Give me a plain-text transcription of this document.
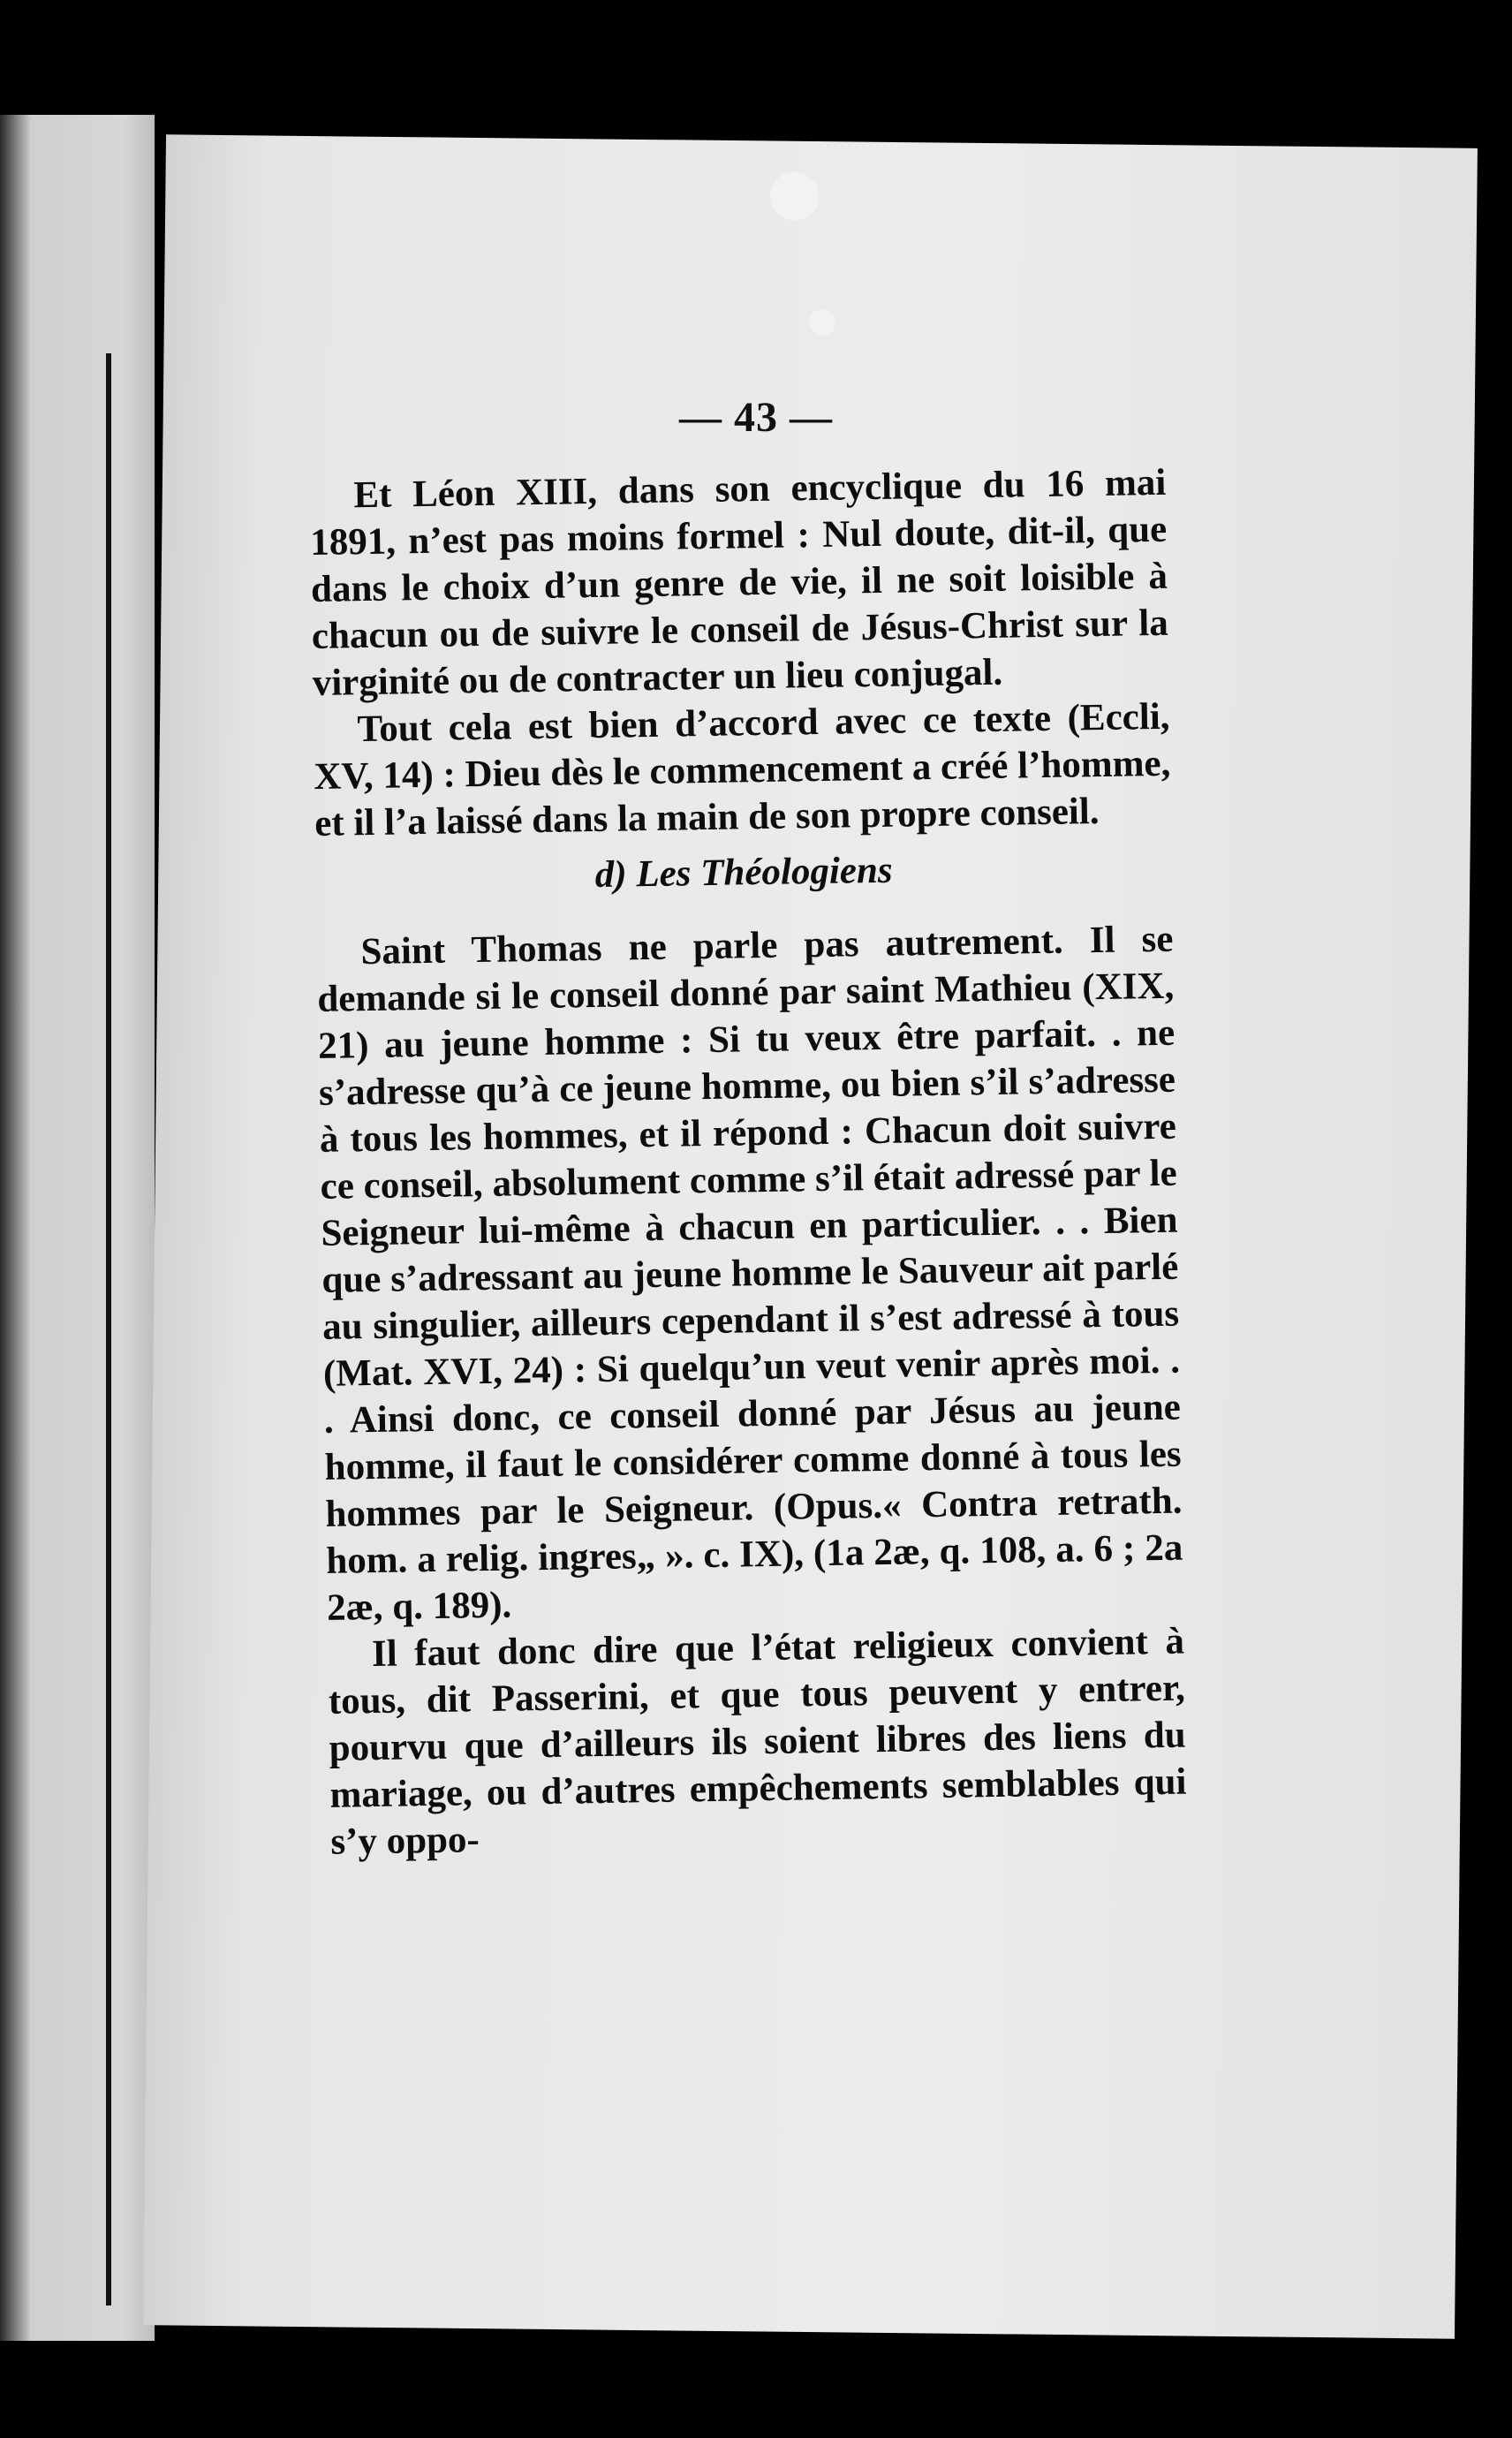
— 43 —

Et Léon XIII, dans son encyclique du 16 mai 1891, n’est pas moins formel : Nul doute, dit-il, que dans le choix d’un genre de vie, il ne soit loisible à chacun ou de suivre le conseil de Jésus-Christ sur la virginité ou de contracter un lieu conjugal.

Tout cela est bien d’accord avec ce texte (Eccli, XV, 14) : Dieu dès le commencement a créé l’homme, et il l’a laissé dans la main de son propre conseil.

d) Les Théologiens

Saint Thomas ne parle pas autrement. Il se demande si le conseil donné par saint Mathieu (XIX, 21) au jeune homme : Si tu veux être parfait. . ne s’adresse qu’à ce jeune homme, ou bien s’il s’adresse à tous les hommes, et il répond : Chacun doit suivre ce conseil, absolument comme s’il était adressé par le Seigneur lui-même à chacun en particulier. . . Bien que s’adressant au jeune homme le Sauveur ait parlé au singulier, ailleurs cependant il s’est adressé à tous (Mat. XVI, 24) : Si quelqu’un veut venir après moi. . . Ainsi donc, ce conseil donné par Jésus au jeune homme, il faut le considérer comme donné à tous les hommes par le Seigneur. (Opus.« Contra retrath. hom. a relig. ingres„ ». c. IX), (1a 2æ, q. 108, a. 6 ; 2a 2æ, q. 189).

Il faut donc dire que l’état religieux convient à tous, dit Passerini, et que tous peuvent y entrer, pourvu que d’ailleurs ils soient libres des liens du mariage, ou d’autres empêchements semblables qui s’y oppo-
